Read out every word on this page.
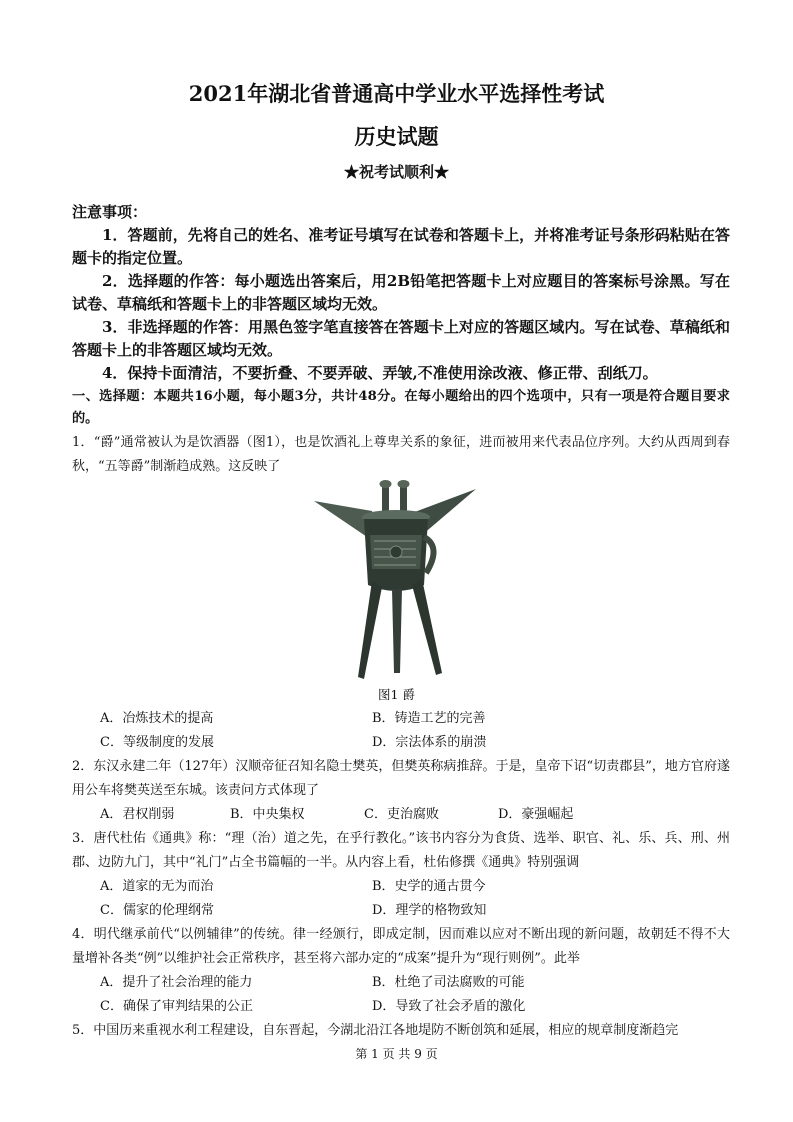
2021年湖北省普通高中学业水平选择性考试
历史试题
★祝考试顺利★

注意事项：

1．答题前，先将自己的姓名、准考证号填写在试卷和答题卡上，并将准考证号条形码粘贴在答题卡的指定位置。

2．选择题的作答：每小题选出答案后，用2B铅笔把答题卡上对应题目的答案标号涂黑。写在试卷、草稿纸和答题卡上的非答题区域均无效。

3．非选择题的作答：用黑色签字笔直接答在答题卡上对应的答题区域内。写在试卷、草稿纸和答题卡上的非答题区域均无效。

4．保持卡面清洁，不要折叠、不要弄破、弄皱,不准使用涂改液、修正带、刮纸刀。

一、选择题：本题共16小题，每小题3分，共计48分。在每小题给出的四个选项中，只有一项是符合题目要求的。

1．“爵”通常被认为是饮酒器（图1），也是饮酒礼上尊卑关系的象征，进而被用来代表品位序列。大约从西周到春秋，“五等爵”制渐趋成熟。这反映了

图1 爵
A．冶炼技术的提高	B．铸造工艺的完善
C．等级制度的发展	D．宗法体系的崩溃

2．东汉永建二年（127年）汉顺帝征召知名隐士樊英，但樊英称病推辞。于是，皇帝下诏“切责郡县”，地方官府遂用公车将樊英送至东城。该责问方式体现了

A．君权削弱	B．中央集权	C．吏治腐败	D．豪强崛起

3．唐代杜佑《通典》称：“理（治）道之先，在乎行教化。”该书内容分为食货、选举、职官、礼、乐、兵、刑、州郡、边防九门，其中“礼门”占全书篇幅的一半。从内容上看，杜佑修撰《通典》特别强调

A．道家的无为而治	B．史学的通古贯今
C．儒家的伦理纲常	D．理学的格物致知

4．明代继承前代“以例辅律”的传统。律一经颁行，即成定制，因而难以应对不断出现的新问题，故朝廷不得不大量增补各类“例”以维护社会正常秩序，甚至将六部办定的“成案”提升为“现行则例”。此举

A．提升了社会治理的能力	B．杜绝了司法腐败的可能
C．确保了审判结果的公正	D．导致了社会矛盾的激化

5．中国历来重视水利工程建设，自东晋起，今湖北沿江各地堤防不断创筑和延展，相应的规章制度渐趋完

第 1 页 共 9 页
